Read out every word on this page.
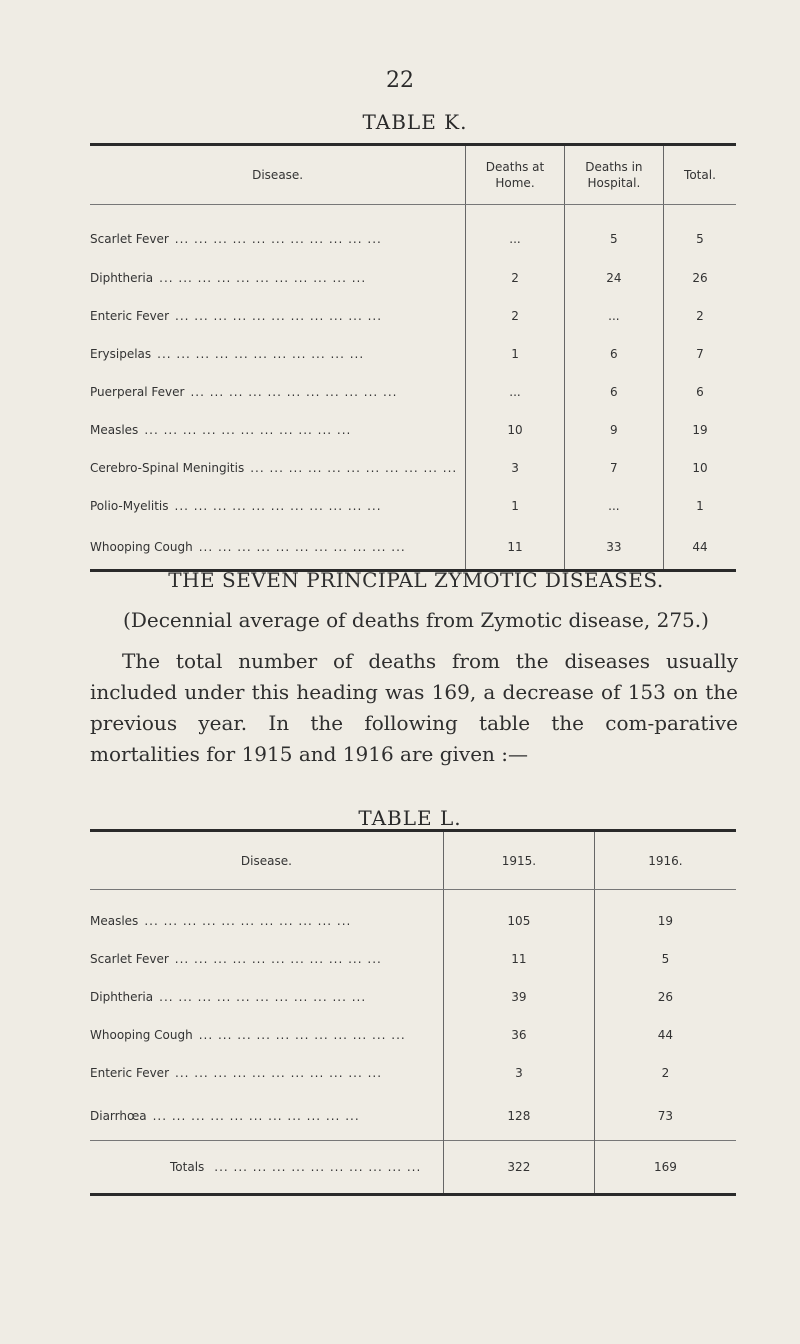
22
TABLE K.
Disease.	Deaths at Home.	Deaths in Hospital.	Total.

Scarlet Fever ... ... ... ... ... ... ... ... ... ... ...	...	5	5

Diphtheria ... ... ... ... ... ... ... ... ... ... ...	2	24	26

Enteric Fever ... ... ... ... ... ... ... ... ... ... ...	2	...	2

Erysipelas ... ... ... ... ... ... ... ... ... ... ...	1	6	7

Puerperal Fever ... ... ... ... ... ... ... ... ... ... ...	...	6	6

Measles ... ... ... ... ... ... ... ... ... ... ...	10	9	19

Cerebro-Spinal Meningitis ... ... ... ... ... ... ... ... ... ... ...	3	7	10

Polio-Myelitis ... ... ... ... ... ... ... ... ... ... ...	1	...	1

Whooping Cough ... ... ... ... ... ... ... ... ... ... ...	11	33	44
THE SEVEN PRINCIPAL ZYMOTIC DISEASES.
(Decennial average of deaths from Zymotic disease, 275.)
The total number of deaths from the diseases usually included under this heading was 169, a decrease of 153 on the previous year. In the following table the com-parative mortalities for 1915 and 1916 are given :—
TABLE L.
Disease.	1915.	1916.

Measles ... ... ... ... ... ... ... ... ... ... ...	105	19

Scarlet Fever ... ... ... ... ... ... ... ... ... ... ...	11	5

Diphtheria ... ... ... ... ... ... ... ... ... ... ...	39	26

Whooping Cough ... ... ... ... ... ... ... ... ... ... ...	36	44

Enteric Fever ... ... ... ... ... ... ... ... ... ... ...	3	2

Diarrhœa ... ... ... ... ... ... ... ... ... ... ...	128	73

Totals ... ... ... ... ... ... ... ... ... ... ...	322	169
